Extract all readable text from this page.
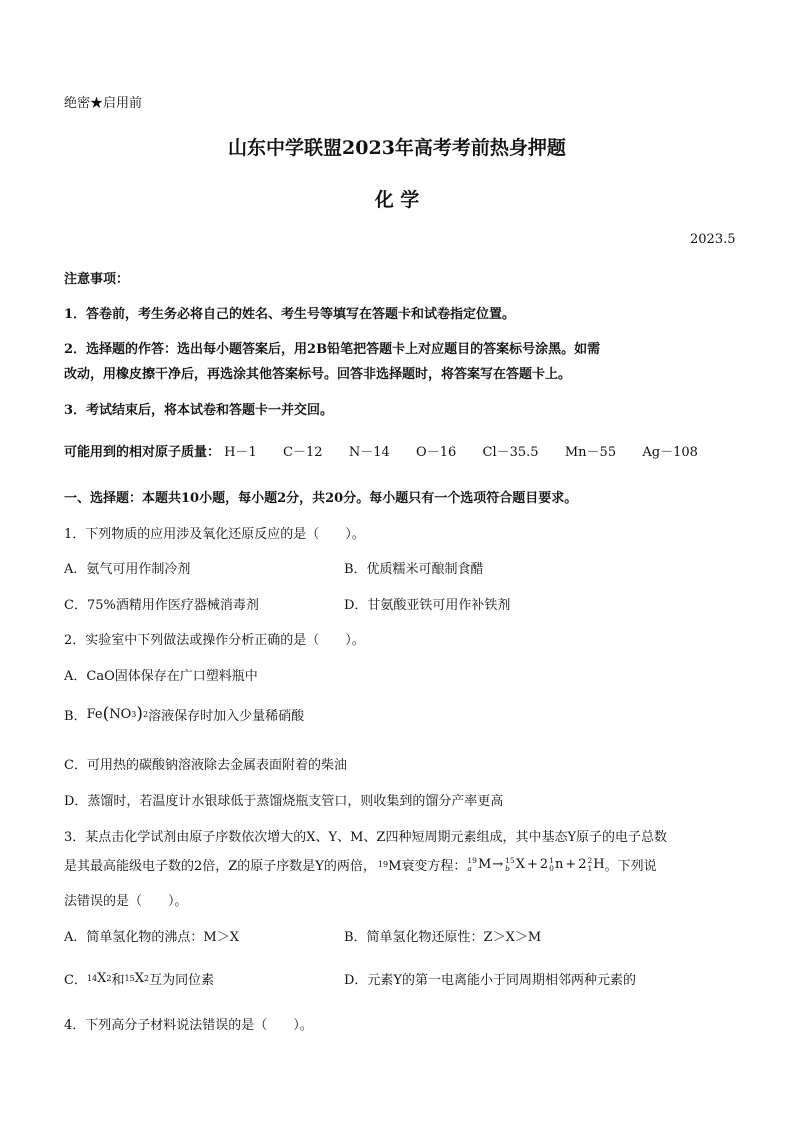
绝密★启用前
山东中学联盟2023年高考考前热身押题
化 学
2023.5
注意事项：
1．答卷前，考生务必将自己的姓名、考生号等填写在答题卡和试卷指定位置。
2．选择题的作答：选出每小题答案后，用2B铅笔把答题卡上对应题目的答案标号涂黑。如需
改动，用橡皮擦干净后，再选涂其他答案标号。回答非选择题时，将答案写在答题卡上。
3．考试结束后，将本试卷和答题卡一并交回。
可能用到的相对原子质量： H－1 C－12 N－14 O－16 Cl－35.5 Mn－55 Ag－108
一、选择题：本题共10小题，每小题2分，共20分。每小题只有一个选项符合题目要求。
1．下列物质的应用涉及氧化还原反应的是（　　）。
A．氨气可用作制冷剂	B．优质糯米可酿制食醋
C．75%酒精用作医疗器械消毒剂	D．甘氨酸亚铁可用作补铁剂
2．实验室中下列做法或操作分析正确的是（　　）。
A．CaO固体保存在广口塑料瓶中
B． Fe ( NO 3 ) 2 溶液保存时加入少量稀硝酸
C．可用热的碳酸钠溶液除去金属表面附着的柴油
D．蒸馏时，若温度计水银球低于蒸馏烧瓶支管口，则收集到的馏分产率更高
3．某点击化学试剂由原子序数依次增大的X、Y、M、Z四种短周期元素组成，其中基态Y原子的电子总数
是其最高能级电子数的2倍，Z的原子序数是Y的两倍， 19 M衰变方程： 19
a M → 15
b X + 2 1
0 n + 2 2
1 H 。下列说
法错误的是（　　）。
A．简单氢化物的沸点：M＞X	B．简单氢化物还原性：Z＞X＞M
C． 14 X 2 和 15 X 2 互为同位素	D．元素Y的第一电离能小于同周期相邻两种元素的
4．下列高分子材料说法错误的是（　　）。
